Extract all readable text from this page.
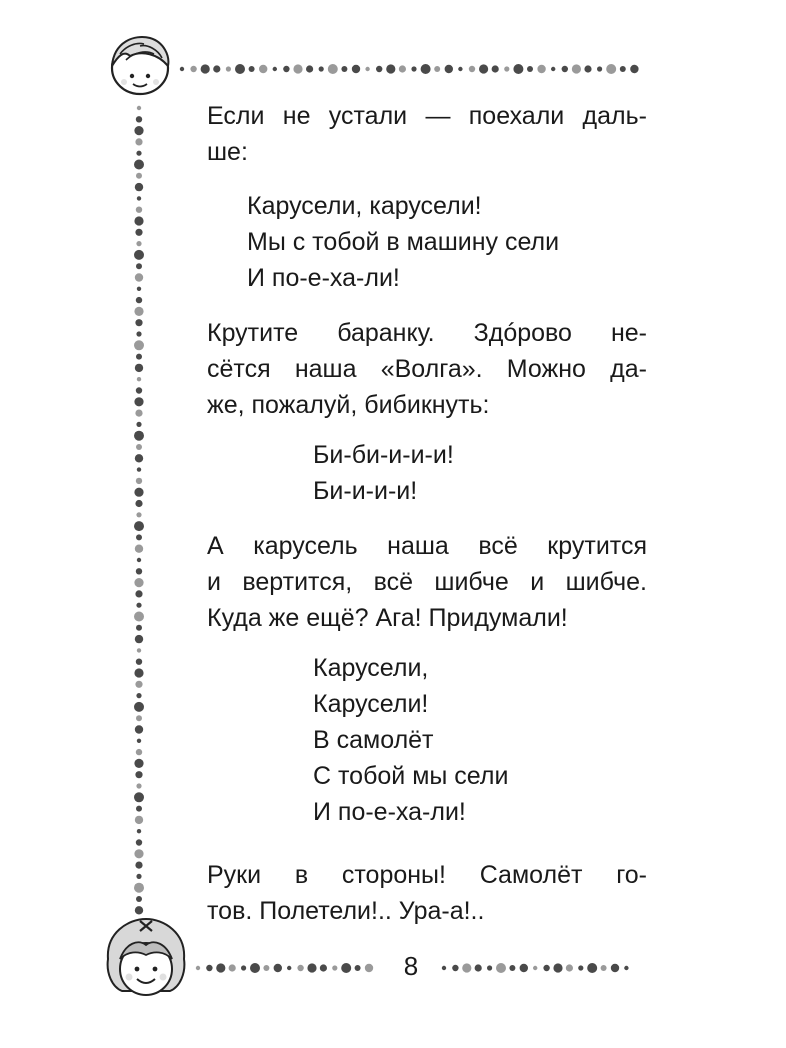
Если не устали — поехали даль-
ше:

Карусели, карусели!
Мы с тобой в машину сели
И по-е-ха-ли!

Крутите баранку. Здóрово не-
сётся наша «Волга». Можно да-
же, пожалуй, бибикнуть:

Би-би-и-и-и!
Би-и-и-и!

А карусель наша всё крутится
и вертится, всё шибче и шибче.
Куда же ещё? Ага! Придумали!

Карусели,
Карусели!
В самолёт
С тобой мы сели
И по-е-ха-ли!

Руки в стороны! Самолёт го-
тов. Полетели!.. Ура-а!..

8
